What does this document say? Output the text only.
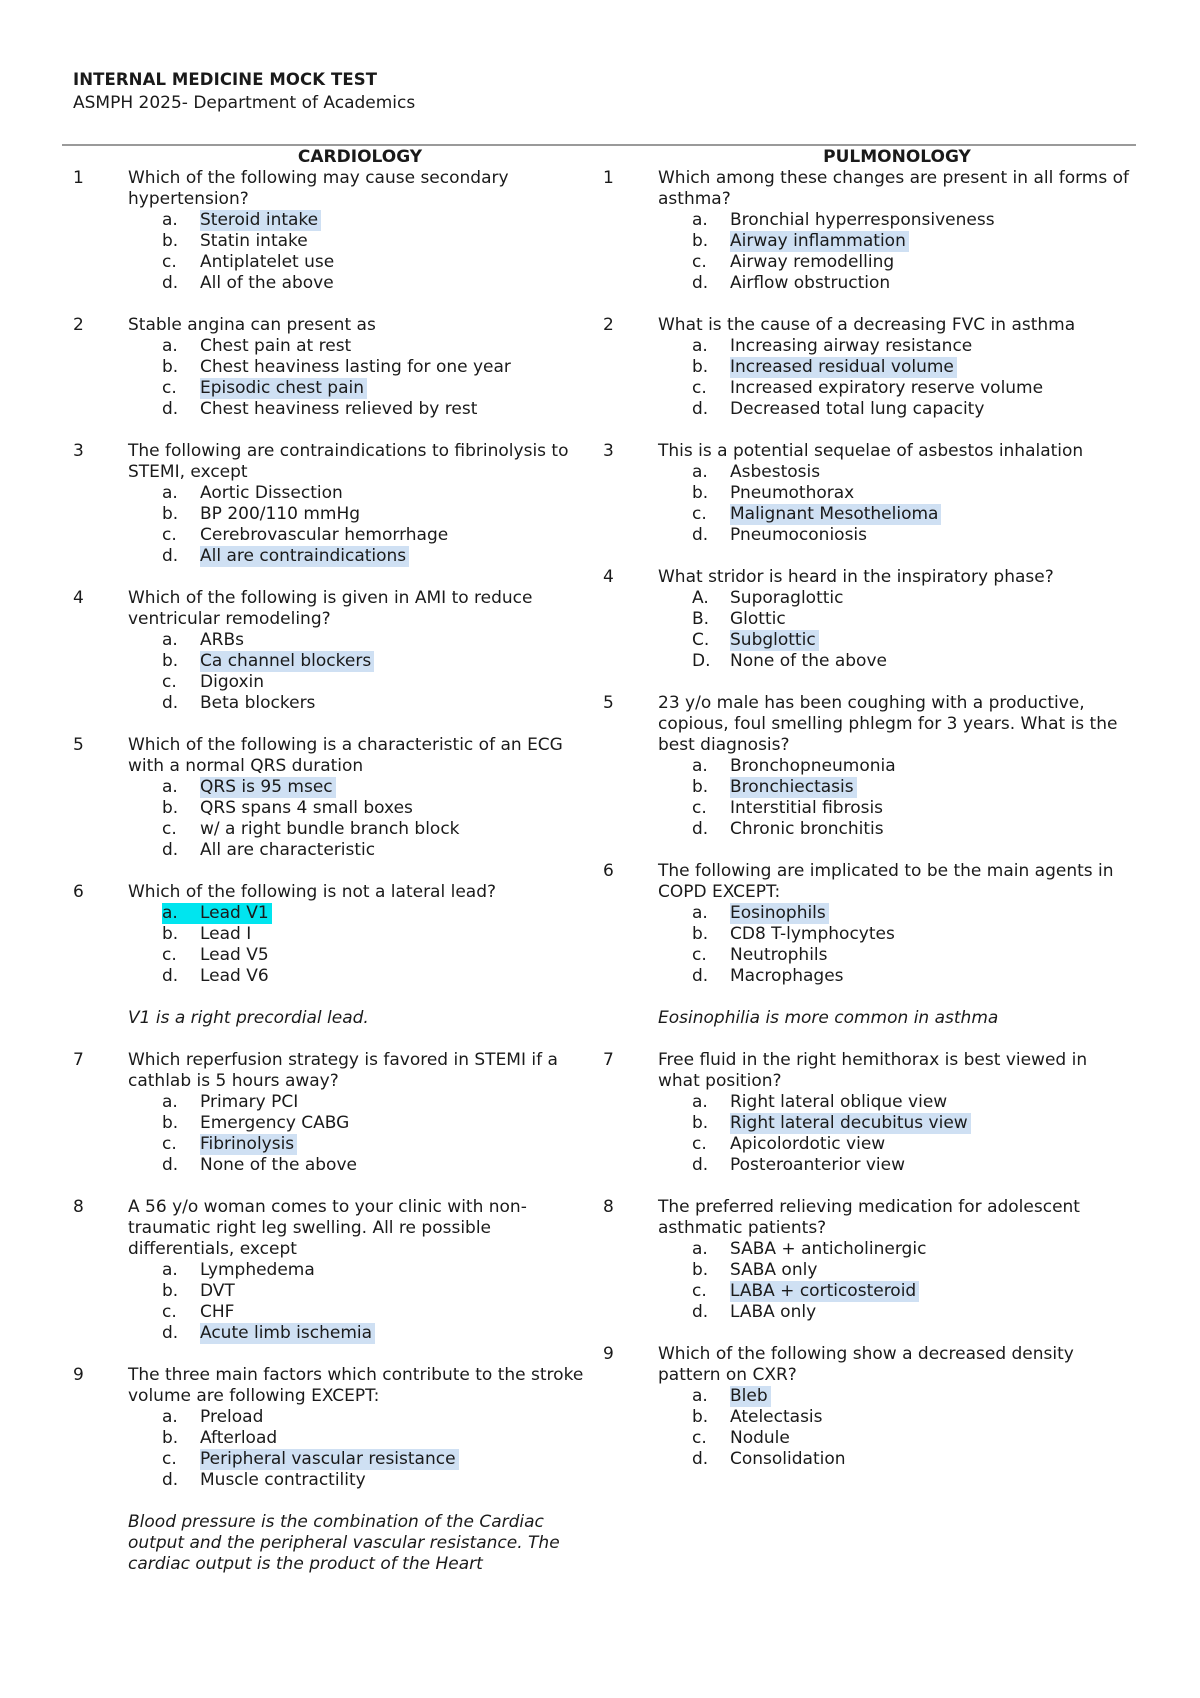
INTERNAL MEDICINE MOCK TEST
ASMPH 2025- Department of Academics
CARDIOLOGY
1	Which of the following may cause secondary hypertension?
a. Steroid intake
b. Statin intake
c. Antiplatelet use
d. All of the above
2	Stable angina can present as
a. Chest pain at rest
b. Chest heaviness lasting for one year
c. Episodic chest pain
d. Chest heaviness relieved by rest
3	The following are contraindications to fibrinolysis to STEMI, except
a. Aortic Dissection
b. BP 200/110 mmHg
c. Cerebrovascular hemorrhage
d. All are contraindications
4	Which of the following is given in AMI to reduce ventricular remodeling?
a. ARBs
b. Ca channel blockers
c. Digoxin
d. Beta blockers
5	Which of the following is a characteristic of an ECG with a normal QRS duration
a. QRS is 95 msec
b. QRS spans 4 small boxes
c. w/ a right bundle branch block
d. All are characteristic
6	Which of the following is not a lateral lead?
a. Lead V1
b. Lead I
c. Lead V5
d. Lead V6
V1 is a right precordial lead.
7	Which reperfusion strategy is favored in STEMI if a cathlab is 5 hours away?
a. Primary PCI
b. Emergency CABG
c. Fibrinolysis
d. None of the above
8	A 56 y/o woman comes to your clinic with non-traumatic right leg swelling. All re possible differentials, except
a. Lymphedema
b. DVT
c. CHF
d. Acute limb ischemia
9	The three main factors which contribute to the stroke volume are following EXCEPT:
a. Preload
b. Afterload
c. Peripheral vascular resistance
d. Muscle contractility
Blood pressure is the combination of the Cardiac output and the peripheral vascular resistance. The cardiac output is the product of the Heart
PULMONOLOGY
1	Which among these changes are present in all forms of asthma?
a. Bronchial hyperresponsiveness
b. Airway inflammation
c. Airway remodelling
d. Airflow obstruction
2	What is the cause of a decreasing FVC in asthma
a. Increasing airway resistance
b. Increased residual volume
c. Increased expiratory reserve volume
d. Decreased total lung capacity
3	This is a potential sequelae of asbestos inhalation
a. Asbestosis
b. Pneumothorax
c. Malignant Mesothelioma
d. Pneumoconiosis
4	What stridor is heard in the inspiratory phase?
A. Suporaglottic
B. Glottic
C. Subglottic
D. None of the above
5	23 y/o male has been coughing with a productive, copious, foul smelling phlegm for 3 years. What is the best diagnosis?
a. Bronchopneumonia
b. Bronchiectasis
c. Interstitial fibrosis
d. Chronic bronchitis
6	The following are implicated to be the main agents in COPD EXCEPT:
a. Eosinophils
b. CD8 T-lymphocytes
c. Neutrophils
d. Macrophages
Eosinophilia is more common in asthma
7	Free fluid in the right hemithorax is best viewed in what position?
a. Right lateral oblique view
b. Right lateral decubitus view
c. Apicolordotic view
d. Posteroanterior view
8	The preferred relieving medication for adolescent asthmatic patients?
a. SABA + anticholinergic
b. SABA only
c. LABA + corticosteroid
d. LABA only
9	Which of the following show a decreased density pattern on CXR?
a. Bleb
b. Atelectasis
c. Nodule
d. Consolidation
